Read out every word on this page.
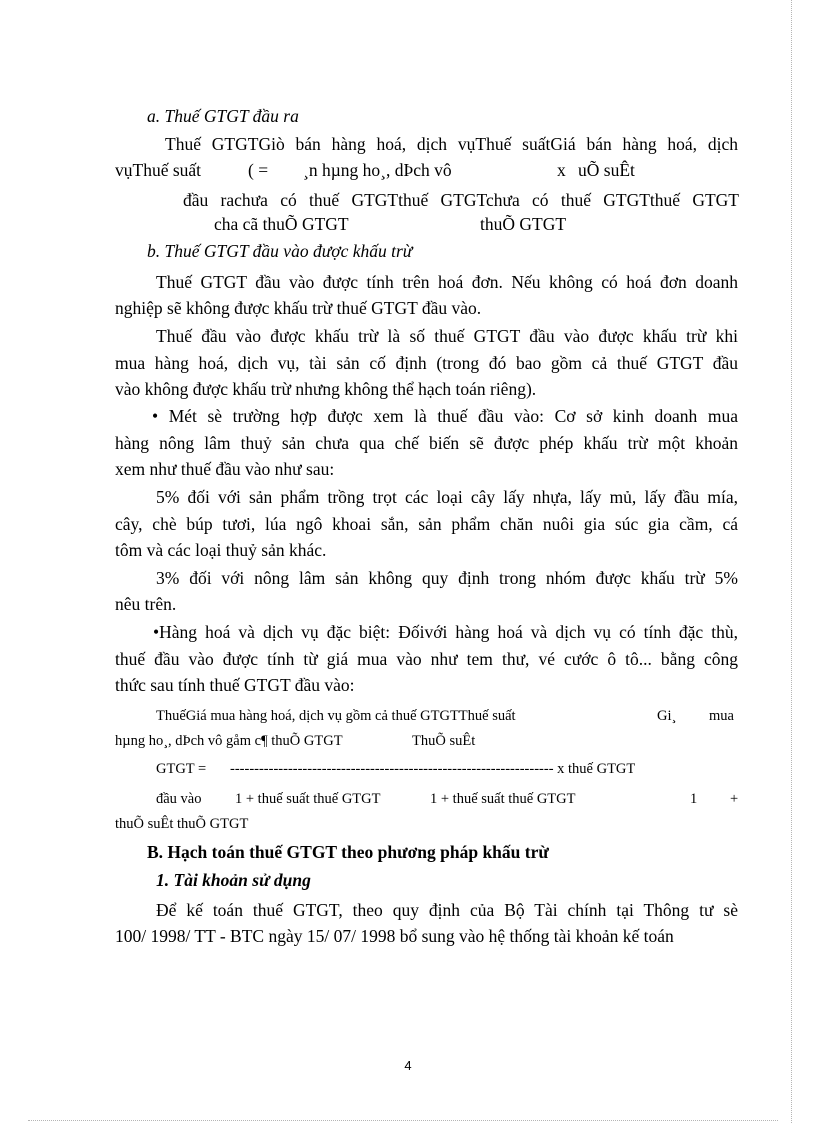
a. Thuế GTGT đầu ra
Thuế GTGTGiò bán hàng hoá, dịch vụThuế suấtGiá bán hàng hoá, dịch
vụThuế suất	( = ¸n hµng ho¸, dÞch vô	x uÕ suÊt
đầu rachưa có thuế GTGTthuế GTGTchưa có thuế GTGTthuế GTGT
cha cã thuÕ GTGT	thuÕ GTGT
b. Thuế GTGT đầu vào được khấu trừ
Thuế GTGT đầu vào được tính trên hoá đơn. Nếu không có hoá đơn doanh
nghiệp sẽ không được khấu trừ thuế GTGT đầu vào.
Thuế đầu vào được khấu trừ là số thuế GTGT đầu vào được khấu trừ khi
mua hàng hoá, dịch vụ, tài sản cố định (trong đó bao gồm cả thuế GTGT đầu
vào không được khấu trừ nhưng không thể hạch toán riêng).
• Mét sè trường hợp được xem là thuế đầu vào: Cơ sở kinh doanh mua
hàng nông lâm thuỷ sản chưa qua chế biến sẽ được phép khấu trừ một khoản
xem như thuế đầu vào như sau:
5% đối với sản phẩm trồng trọt các loại cây lấy nhựa, lấy mủ, lấy đầu mía,
cây, chè búp tươi, lúa ngô khoai sắn, sản phẩm chăn nuôi gia súc gia cầm, cá
tôm và các loại thuỷ sản khác.
3% đối với nông lâm sản không quy định trong nhóm được khấu trừ 5%
nêu trên.
•Hàng hoá và dịch vụ đặc biệt: Đốivới hàng hoá và dịch vụ có tính đặc thù,
thuế đầu vào được tính từ giá mua vào như tem thư, vé cước ô tô... bằng công
thức sau tính thuế GTGT đầu vào:
ThuếGiá mua hàng hoá, dịch vụ gồm cả thuế GTGTThuế suất	Gi¸ mua
hµng ho¸, dÞch vô gåm c¶ thuÕ GTGT	ThuÕ suÊt
GTGT = ------------------------------------------------------------------- x thuế GTGT
đầu vào 1 + thuế suất thuế GTGT	1 + thuế suất thuế GTGT	1 +
thuÕ suÊt thuÕ GTGT
B. Hạch toán thuế GTGT theo phương pháp khấu trừ
1. Tài khoản sử dụng
Để kế toán thuế GTGT, theo quy định của Bộ Tài chính tại Thông tư sè
100/ 1998/ TT - BTC ngày 15/ 07/ 1998 bổ sung vào hệ thống tài khoản kế toán
4
